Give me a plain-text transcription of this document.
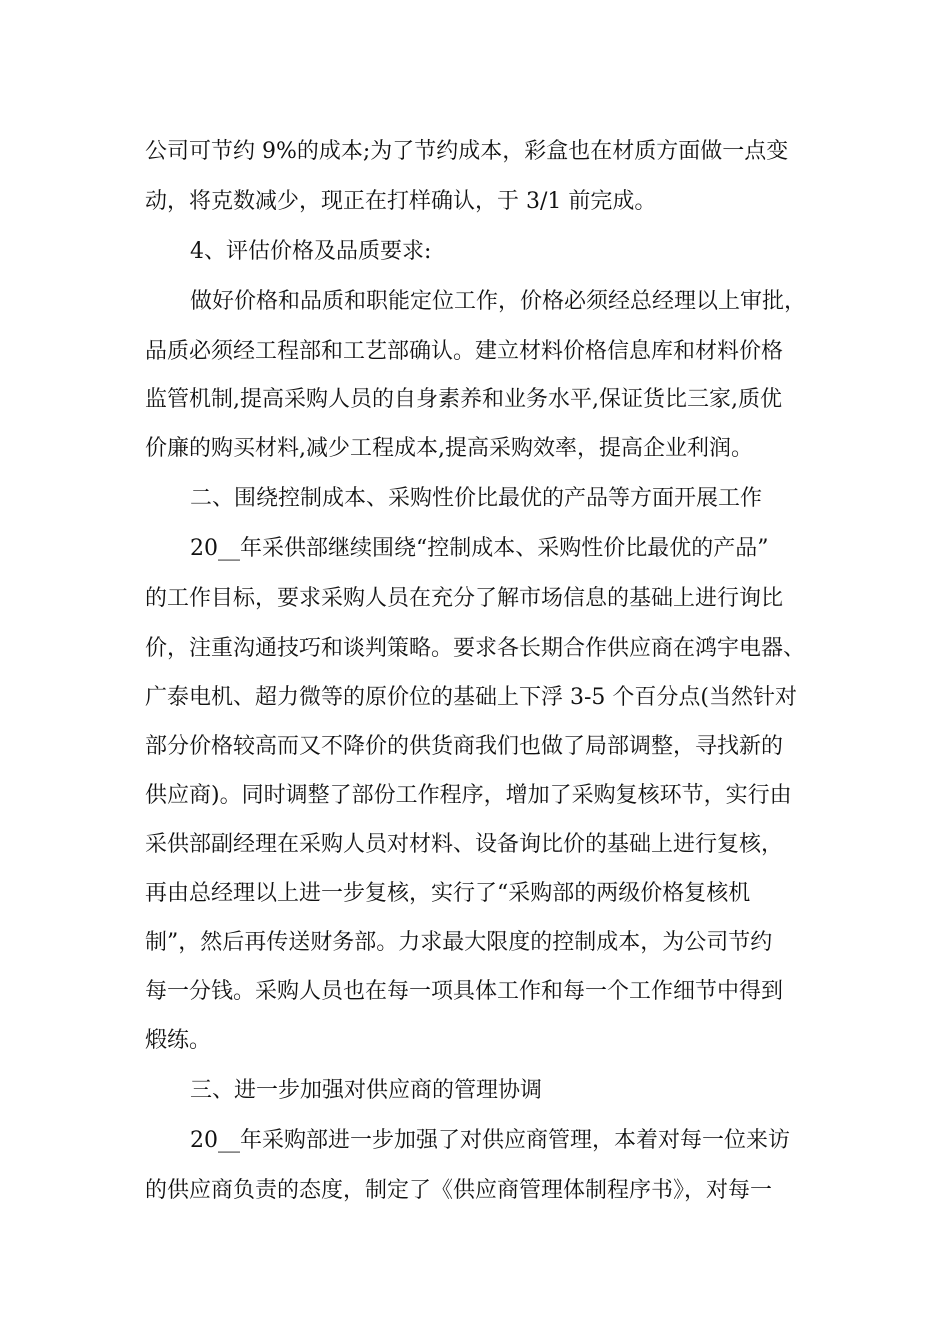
公司可节约 9%的成本;为了节约成本，彩盒也在材质方面做一点变
动，将克数减少，现正在打样确认，于 3/1 前完成。
4、评估价格及品质要求:
做好价格和品质和职能定位工作，价格必须经总经理以上审批，
品质必须经工程部和工艺部确认。建立材料价格信息库和材料价格
监管机制,提高采购人员的自身素养和业务水平,保证货比三家,质优
价廉的购买材料,减少工程成本,提高采购效率，提高企业利润。
二、围绕控制成本、采购性价比最优的产品等方面开展工作
20__年采供部继续围绕“控制成本、采购性价比最优的产品”
的工作目标，要求采购人员在充分了解市场信息的基础上进行询比
价，注重沟通技巧和谈判策略。要求各长期合作供应商在鸿宇电器、
广泰电机、超力微等的原价位的基础上下浮 3-5 个百分点(当然针对
部分价格较高而又不降价的供货商我们也做了局部调整，寻找新的
供应商)。同时调整了部份工作程序，增加了采购复核环节，实行由
采供部副经理在采购人员对材料、设备询比价的基础上进行复核，
再由总经理以上进一步复核，实行了“采购部的两级价格复核机
制”，然后再传送财务部。力求最大限度的控制成本，为公司节约
每一分钱。采购人员也在每一项具体工作和每一个工作细节中得到
煅练。
三、进一步加强对供应商的管理协调
20__年采购部进一步加强了对供应商管理，本着对每一位来访
的供应商负责的态度，制定了《供应商管理体制程序书》，对每一
